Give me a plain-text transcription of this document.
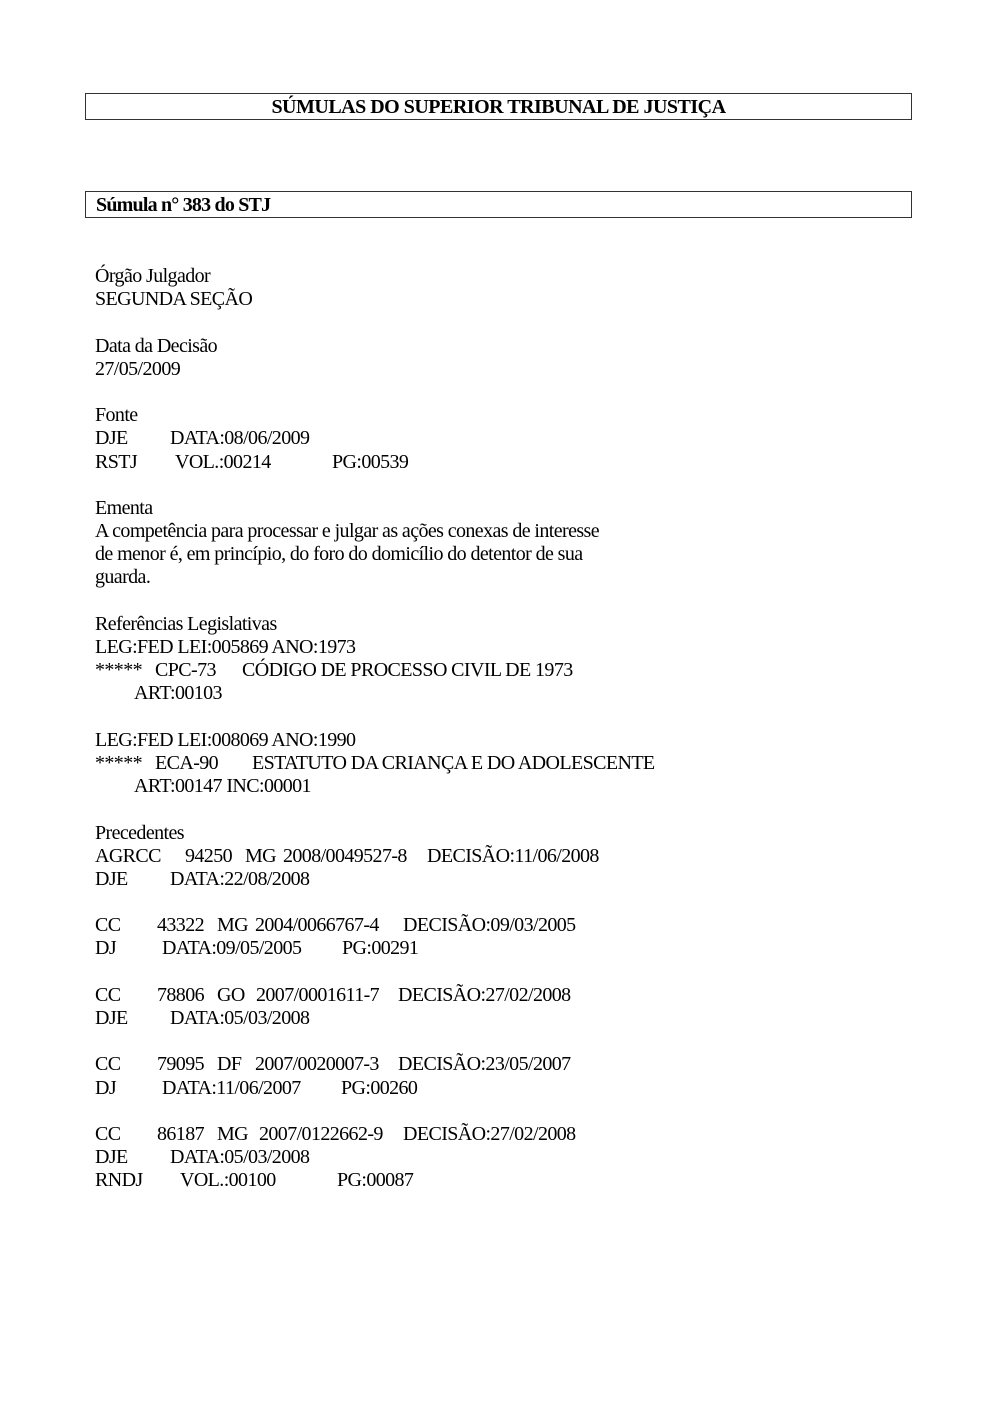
SÚMULAS DO SUPERIOR TRIBUNAL DE JUSTIÇA
Súmula n° 383 do STJ
Órgão Julgador
SEGUNDA SEÇÃO
Data da Decisão
27/05/2009
Fonte
DJE	DATA:08/06/2009
RSTJ	VOL.:00214	PG:00539
Ementa
A competência para processar e julgar as ações conexas de interesse
de menor é, em princípio, do foro do domicílio do detentor de sua
guarda.
Referências Legislativas
LEG:FED LEI:005869 ANO:1973
***** CPC-73	CÓDIGO DE PROCESSO CIVIL DE 1973
ART:00103
LEG:FED LEI:008069 ANO:1990
***** ECA-90	ESTATUTO DA CRIANÇA E DO ADOLESCENTE
ART:00147 INC:00001
Precedentes
AGRCC	94250 MG 2008/0049527-8	DECISÃO:11/06/2008
DJE	DATA:22/08/2008
CC	43322 MG 2004/0066767-4	DECISÃO:09/03/2005
DJ	DATA:09/05/2005	PG:00291
CC	78806 GO 2007/0001611-7 DECISÃO:27/02/2008
DJE	DATA:05/03/2008
CC	79095 DF 2007/0020007-3 DECISÃO:23/05/2007
DJ	DATA:11/06/2007	PG:00260
CC	86187 MG 2007/0122662-9	DECISÃO:27/02/2008
DJE	DATA:05/03/2008
RNDJ	VOL.:00100	PG:00087
